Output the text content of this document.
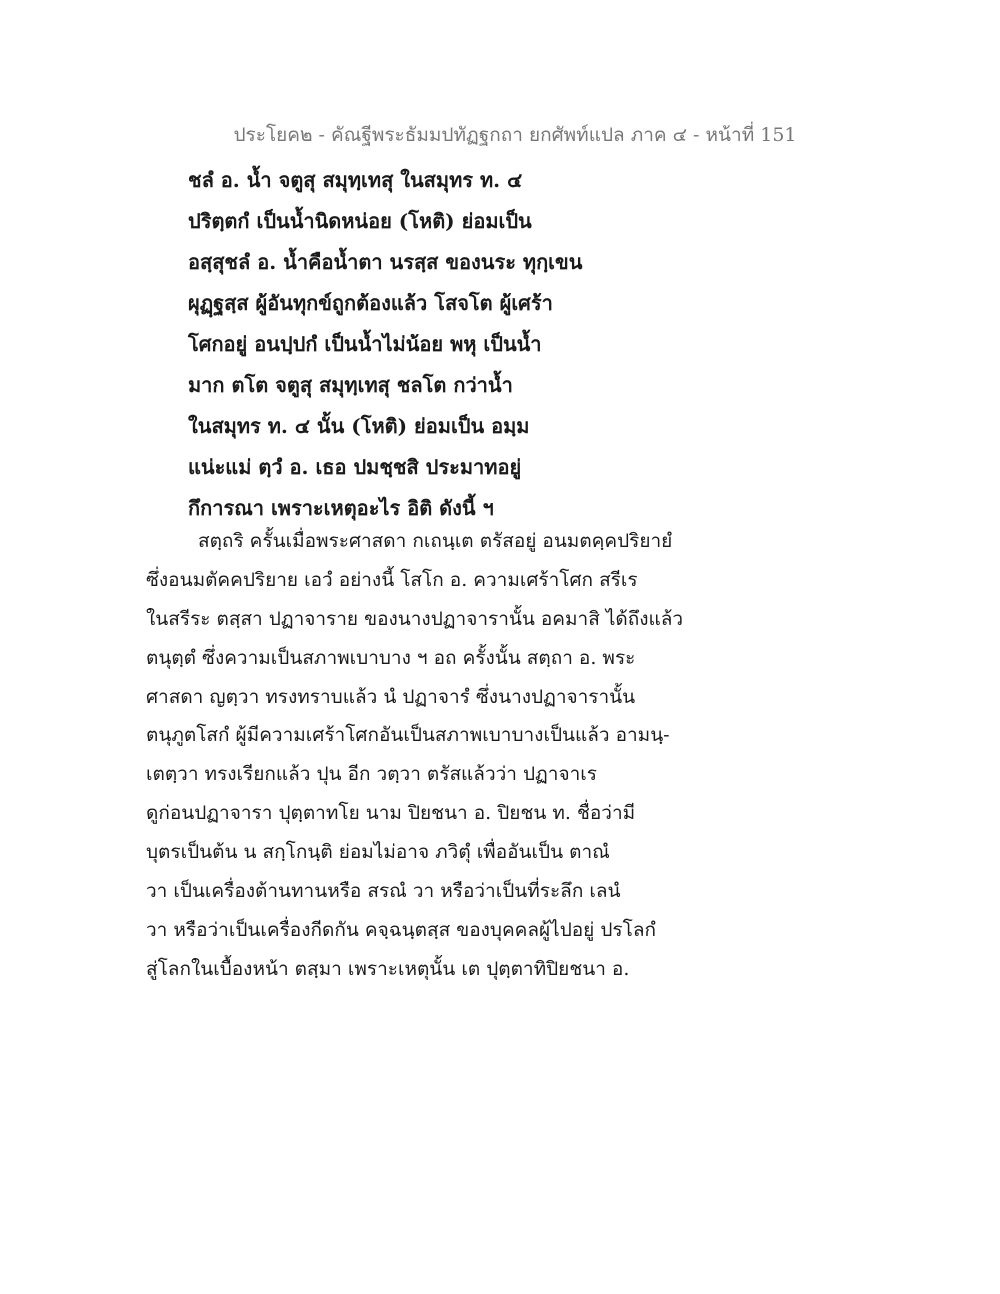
ประโยค๒ - คัณฐีพระธัมมปทัฏฐกถา ยกศัพท์แปล ภาค ๔ - หน้าที่ 151
ชลํ อ. น้ำ จตูสุ สมุทฺเทสุ ในสมุทร ท. ๔
ปริตฺตกํ เป็นน้ำนิดหน่อย (โหติ) ย่อมเป็น
อสฺสุชลํ อ. น้ำคือน้ำตา นรสฺส ของนระ ทุกฺเขน
ผุฏฺฐสฺส ผู้อันทุกข์ถูกต้องแล้ว โสจโต ผู้เศร้า
โศกอยู่ อนปฺปกํ เป็นน้ำไม่น้อย พหุ เป็นน้ำ
มาก ตโต จตูสุ สมุทฺเทสุ ชลโต กว่าน้ำ
ในสมุทร ท. ๔ นั้น (โหติ) ย่อมเป็น อมฺม
แน่ะแม่ ตฺวํ อ. เธอ ปมชฺชสิ ประมาทอยู่
กึการณา เพราะเหตุอะไร อิติ ดังนี้ ฯ
สตฺถริ ครั้นเมื่อพระศาสดา กเถนฺเต ตรัสอยู่ อนมตคฺคปริยายํ
ซึ่งอนมตัคคปริยาย เอวํ อย่างนี้ โสโก อ. ความเศร้าโศก สรีเร
ในสรีระ ตสฺสา ปฏาจาราย ของนางปฏาจารานั้น อคมาสิ ได้ถึงแล้ว
ตนุตฺตํ ซึ่งความเป็นสภาพเบาบาง ฯ อถ ครั้งนั้น สตฺถา อ. พระ
ศาสดา ญตฺวา ทรงทราบแล้ว นํ ปฏาจารํ ซึ่งนางปฏาจารานั้น
ตนุภูตโสกํ ผู้มีความเศร้าโศกอันเป็นสภาพเบาบางเป็นแล้ว อามนฺ-
เตตฺวา ทรงเรียกแล้ว ปุน อีก วตฺวา ตรัสแล้วว่า ปฏาจาเร
ดูก่อนปฏาจารา ปุตฺตาทโย นาม ปิยชนา อ. ปิยชน ท. ชื่อว่ามี
บุตรเป็นต้น น สกฺโกนฺติ ย่อมไม่อาจ ภวิตุํ เพื่ออันเป็น ตาณํ
วา เป็นเครื่องต้านทานหรือ สรณํ วา หรือว่าเป็นที่ระลึก เลนํ
วา หรือว่าเป็นเครื่องกีดกัน คจฺฉนฺตสฺส ของบุคคลผู้ไปอยู่ ปรโลกํ
สู่โลกในเบื้องหน้า ตสฺมา เพราะเหตุนั้น เต ปุตฺตาทิปิยชนา อ.
